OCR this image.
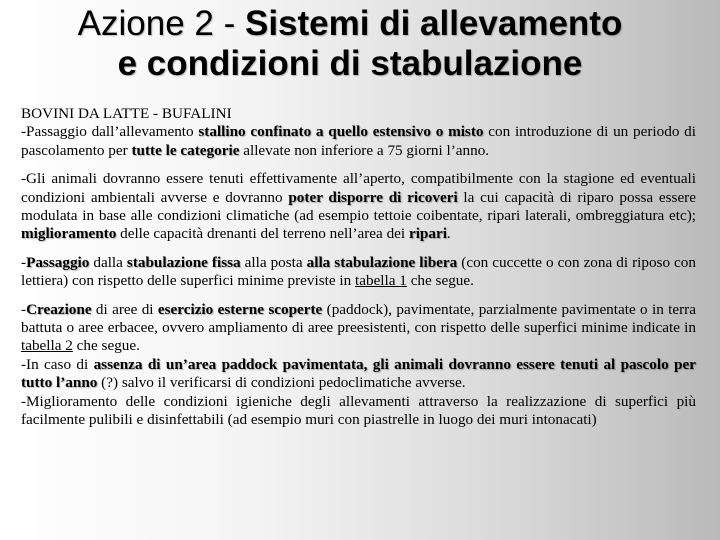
Azione 2 - Sistemi di allevamento
e condizioni di stabulazione

BOVINI DA LATTE - BUFALINI

-Passaggio dall’allevamento stallino confinato a quello estensivo o misto con introduzione di un periodo di pascolamento per tutte le categorie allevate non inferiore a 75 giorni l’anno.

-Gli animali dovranno essere tenuti effettivamente all’aperto, compatibilmente con la stagione ed eventuali condizioni ambientali avverse e dovranno poter disporre di ricoveri la cui capacità di riparo possa essere modulata in base alle condizioni climatiche (ad esempio tettoie coibentate, ripari laterali, ombreggiatura etc); miglioramento delle capacità drenanti del terreno nell’area dei ripari.

-Passaggio dalla stabulazione fissa alla posta alla stabulazione libera (con cuccette o con zona di riposo con lettiera) con rispetto delle superfici minime previste in tabella 1 che segue.

-Creazione di aree di esercizio esterne scoperte (paddock), pavimentate, parzialmente pavimentate o in terra battuta o aree erbacee, ovvero ampliamento di aree preesistenti, con rispetto delle superfici minime indicate in tabella 2 che segue.

-In caso di assenza di un’area paddock pavimentata, gli animali dovranno essere tenuti al pascolo per tutto l’anno (?) salvo il verificarsi di condizioni pedoclimatiche avverse.

-Miglioramento delle condizioni igieniche degli allevamenti attraverso la realizzazione di superfici più facilmente pulibili e disinfettabili (ad esempio muri con piastrelle in luogo dei muri intonacati)
